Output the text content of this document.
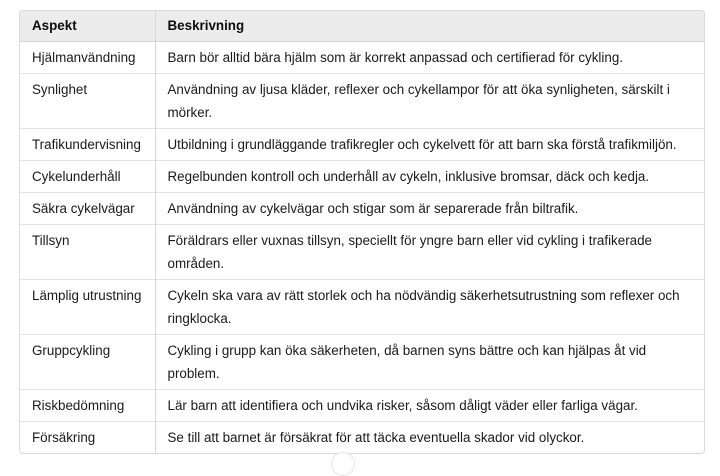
Aspekt	Beskrivning
Hjälmanvändning	Barn bör alltid bära hjälm som är korrekt anpassad och certifierad för cykling.
Synlighet	Användning av ljusa kläder, reflexer och cykellampor för att öka synligheten, särskilt i mörker.
Trafikundervisning	Utbildning i grundläggande trafikregler och cykelvett för att barn ska förstå trafikmiljön.
Cykelunderhåll	Regelbunden kontroll och underhåll av cykeln, inklusive bromsar, däck och kedja.
Säkra cykelvägar	Användning av cykelvägar och stigar som är separerade från biltrafik.
Tillsyn	Föräldrars eller vuxnas tillsyn, speciellt för yngre barn eller vid cykling i trafikerade områden.
Lämplig utrustning	Cykeln ska vara av rätt storlek och ha nödvändig säkerhetsutrustning som reflexer och ringklocka.
Gruppcykling	Cykling i grupp kan öka säkerheten, då barnen syns bättre och kan hjälpas åt vid problem.
Riskbedömning	Lär barn att identifiera och undvika risker, såsom dåligt väder eller farliga vägar.
Försäkring	Se till att barnet är försäkrat för att täcka eventuella skador vid olyckor.
